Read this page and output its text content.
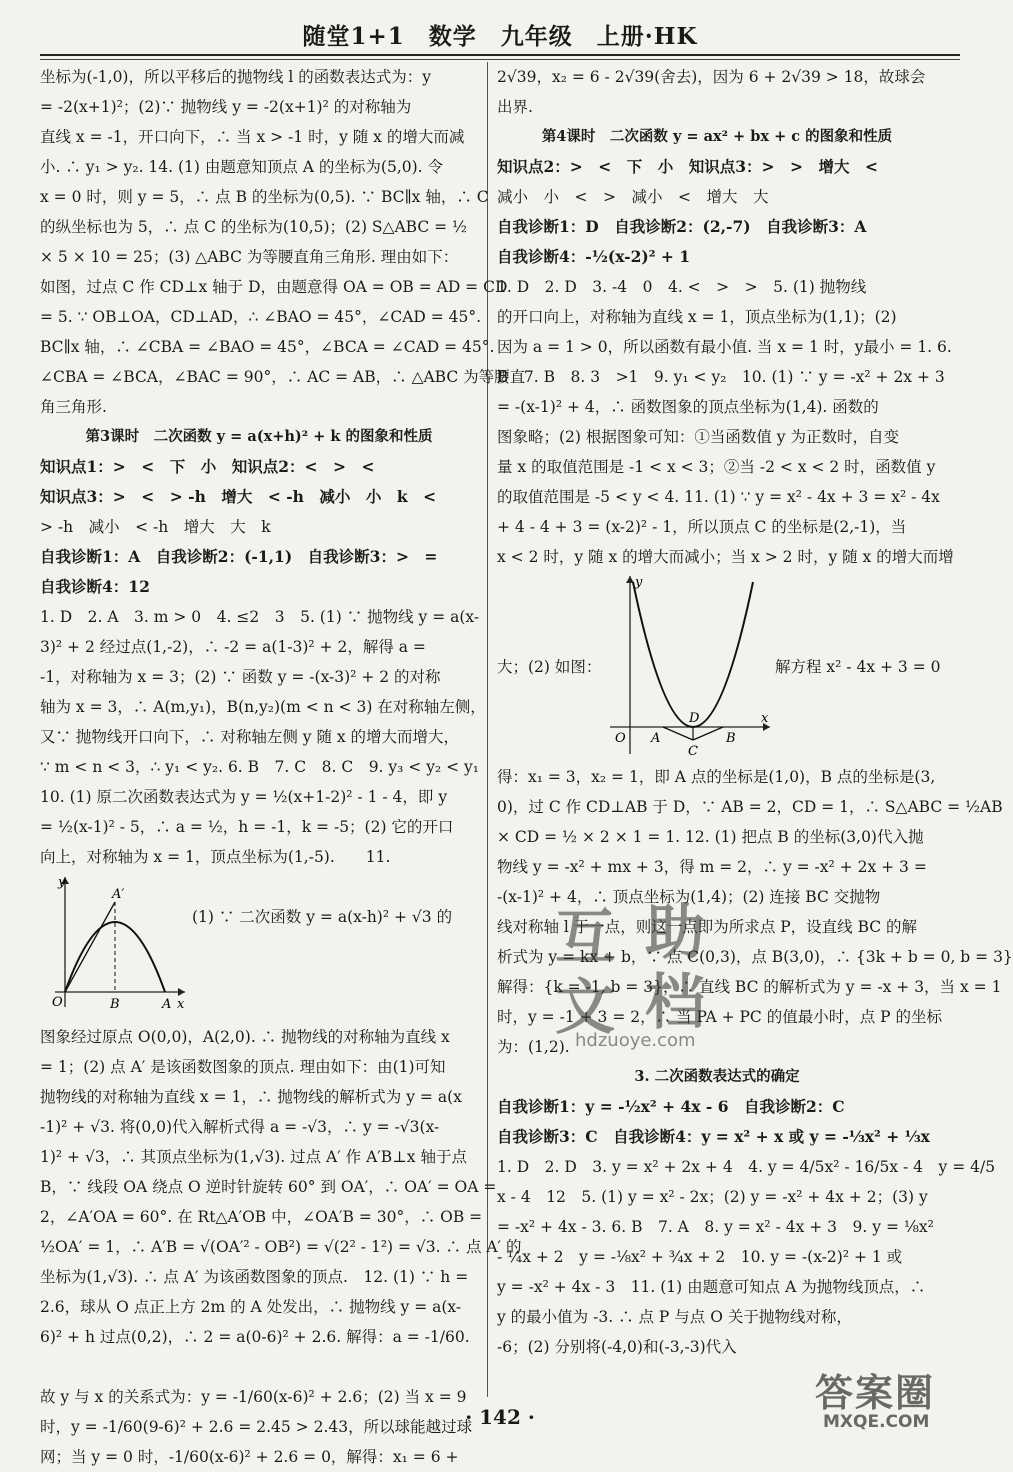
随堂1+1　数学　九年级　上册·HK
坐标为(-1,0)，所以平移后的抛物线 l 的函数表达式为：y
= -2(x+1)²；(2)∵ 抛物线 y = -2(x+1)² 的对称轴为
直线 x = -1，开口向下，∴ 当 x > -1 时，y 随 x 的增大而减
小. ∴ y₁ > y₂. 14. (1) 由题意知顶点 A 的坐标为(5,0). 令
x = 0 时，则 y = 5，∴ 点 B 的坐标为(0,5). ∵ BC∥x 轴，∴ C
的纵坐标也为 5，∴ 点 C 的坐标为(10,5)；(2) S△ABC = ½
× 5 × 10 = 25；(3) △ABC 为等腰直角三角形. 理由如下：
如图，过点 C 作 CD⊥x 轴于 D，由题意得 OA = OB = AD = CD
= 5. ∵ OB⊥OA，CD⊥AD，∴ ∠BAO = 45°，∠CAD = 45°.
BC∥x 轴，∴ ∠CBA = ∠BAO = 45°，∠BCA = ∠CAD = 45°.
∠CBA = ∠BCA，∠BAC = 90°，∴ AC = AB，∴ △ABC 为等腰直
角三角形.
第3课时　二次函数 y = a(x+h)² + k 的图象和性质
知识点1：>　<　下　小　知识点2：<　>　<
知识点3：>　<　> -h　增大　< -h　减小　小　k　<
> -h　减小　< -h　增大　大　k
自我诊断1：A　自我诊断2：(-1,1)　自我诊断3：>　=
自我诊断4：12
1. D　2. A　3. m > 0　4. ≤2　3　5. (1) ∵ 抛物线 y = a(x-
3)² + 2 经过点(1,-2)，∴ -2 = a(1-3)² + 2，解得 a =
-1，对称轴为 x = 3；(2) ∵ 函数 y = -(x-3)² + 2 的对称
轴为 x = 3，∴ A(m,y₁)，B(n,y₂)(m < n < 3) 在对称轴左侧，
又∵ 抛物线开口向下，∴ 对称轴左侧 y 随 x 的增大而增大，
∵ m < n < 3，∴ y₁ < y₂. 6. B　7. C　8. C　9. y₃ < y₂ < y₁
10. (1) 原二次函数表达式为 y = ½(x+1-2)² - 1 - 4，即 y
= ½(x-1)² - 5，∴ a = ½，h = -1，k = -5；(2) 它的开口
向上，对称轴为 x = 1，顶点坐标为(1,-5).　　11.
y
A′
O	B	A x
(1) ∵ 二次函数 y = a(x-h)² + √3 的
图象经过原点 O(0,0)，A(2,0). ∴ 抛物线的对称轴为直线 x
= 1；(2) 点 A′ 是该函数图象的顶点. 理由如下：由(1)可知
抛物线的对称轴为直线 x = 1，∴ 抛物线的解析式为 y = a(x
-1)² + √3. 将(0,0)代入解析式得 a = -√3，∴ y = -√3(x-
1)² + √3，∴ 其顶点坐标为(1,√3). 过点 A′ 作 A′B⊥x 轴于点
B，∵ 线段 OA 绕点 O 逆时针旋转 60° 到 OA′，∴ OA′ = OA =
2，∠A′OA = 60°. 在 Rt△A′OB 中，∠OA′B = 30°，∴ OB =
½OA′ = 1，∴ A′B = √(OA′² - OB²) = √(2² - 1²) = √3. ∴ 点 A′ 的
坐标为(1,√3). ∴ 点 A′ 为该函数图象的顶点.　12. (1) ∵ h =
2.6，球从 O 点正上方 2m 的 A 处发出，∴ 抛物线 y = a(x-
6)² + h 过点(0,2)，∴ 2 = a(0-6)² + 2.6. 解得：a = -1/60.
故 y 与 x 的关系式为：y = -1/60(x-6)² + 2.6；(2) 当 x = 9
时，y = -1/60(9-6)² + 2.6 = 2.45 > 2.43，所以球能越过球
网；当 y = 0 时，-1/60(x-6)² + 2.6 = 0，解得：x₁ = 6 +
2√39，x₂ = 6 - 2√39(舍去)，因为 6 + 2√39 > 18，故球会
出界.
第4课时　二次函数 y = ax² + bx + c 的图象和性质
知识点2：>　<　下　小　知识点3：>　>　增大　<
减小　小　<　>　减小　<　增大　大
自我诊断1：D　自我诊断2：(2,-7)　自我诊断3：A
自我诊断4：-½(x-2)² + 1
1. D　2. D　3. -4　0　4. <　>　>　5. (1) 抛物线
的开口向上，对称轴为直线 x = 1，顶点坐标为(1,1)；(2)
因为 a = 1 > 0，所以函数有最小值. 当 x = 1 时，y最小 = 1. 6.
B　7. B　8. 3　>1　9. y₁ < y₂　10. (1) ∵ y = -x² + 2x + 3
= -(x-1)² + 4，∴ 函数图象的顶点坐标为(1,4). 函数的
图象略；(2) 根据图象可知：①当函数值 y 为正数时，自变
量 x 的取值范围是 -1 < x < 3；②当 -2 < x < 2 时，函数值 y
的取值范围是 -5 < y < 4. 11. (1) ∵ y = x² - 4x + 3 = x² - 4x
+ 4 - 4 + 3 = (x-2)² - 1，所以顶点 C 的坐标是(2,-1)，当
x < 2 时，y 随 x 的增大而减小；当 x > 2 时，y 随 x 的增大而增
大；(2) 如图：
y
O A
D
B
C
x
解方程 x² - 4x + 3 = 0
得：x₁ = 3，x₂ = 1，即 A 点的坐标是(1,0)，B 点的坐标是(3,
0)，过 C 作 CD⊥AB 于 D，∵ AB = 2，CD = 1，∴ S△ABC = ½AB
× CD = ½ × 2 × 1 = 1. 12. (1) 把点 B 的坐标(3,0)代入抛
物线 y = -x² + mx + 3，得 m = 2，∴ y = -x² + 2x + 3 =
-(x-1)² + 4，∴ 顶点坐标为(1,4)；(2) 连接 BC 交抛物
线对称轴 l 于一点，则这一点即为所求点 P，设直线 BC 的解
析式为 y = kx + b，∵ 点 C(0,3)，点 B(3,0)，∴ {3k + b = 0, b = 3}
解得：{k = -1, b = 3}，∴ 直线 BC 的解析式为 y = -x + 3，当 x = 1
时，y = -1 + 3 = 2，∴ 当 PA + PC 的值最小时，点 P 的坐标
为：(1,2).
3. 二次函数表达式的确定
自我诊断1：y = -½x² + 4x - 6　自我诊断2：C
自我诊断3：C　自我诊断4：y = x² + x 或 y = -⅓x² + ⅓x
1. D　2. D　3. y = x² + 2x + 4　4. y = 4/5x² - 16/5x - 4　y = 4/5
x - 4　12　5. (1) y = x² - 2x；(2) y = -x² + 4x + 2；(3) y
= -x² + 4x - 3. 6. B　7. A　8. y = x² - 4x + 3　9. y = ⅛x²
- ¼x + 2　y = -⅛x² + ¾x + 2　10. y = -(x-2)² + 1 或
y = -x² + 4x - 3　11. (1) 由题意可知点 A 为抛物线顶点，∴
y 的最小值为 -3. ∴ 点 P 与点 O 关于抛物线对称，
-6；(2) 分别将(-4,0)和(-3,-3)代入
互 助
文 档
hdzuoye.com
· 142 ·
答案圈
MXQE.COM
